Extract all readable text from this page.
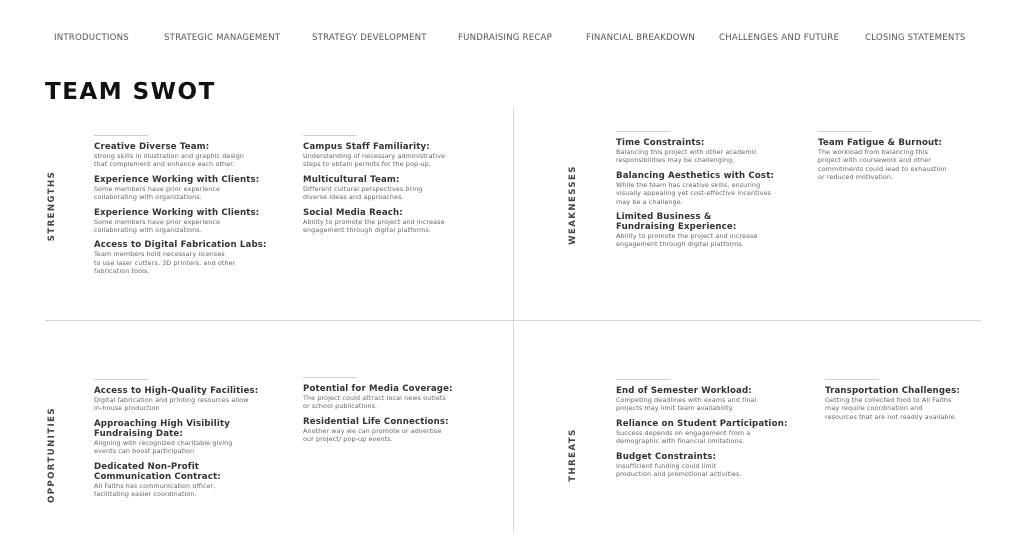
INTRODUCTIONS	STRATEGIC MANAGEMENT	STRATEGY DEVELOPMENT	FUNDRAISING RECAP	FINANCIAL BREAKDOWN	CHALLENGES AND FUTURE	CLOSING STATEMENTS
TEAM SWOT
STRENGTHS	WEAKNESSES
OPPORTUNITIES	THREATS
Creative Diverse Team:

strong skills in illustration and graphic design
that complement and enhance each other.

Experience Working with Clients:

Some members have prior experience
collaborating with organizations.

Experience Working with Clients:

Some members have prior experience
collaborating with organizations.

Access to Digital Fabrication Labs:

Team members hold necessary licenses
to use laser cutters, 3D printers, and other
fabrication tools.

Campus Staff Familiarity:

Understanding of necessary administrative
steps to obtain permits for the pop-up.

Multicultural Team:

Different cultural perspectives bring
diverse ideas and approaches.

Social Media Reach:

Ability to promote the project and increase
engagement through digital platforms.

Time Constraints:

Balancing this project with other academic
responsibilities may be challenging.

Balancing Aesthetics with Cost:

While the team has creative skills, ensuring
visually appealing yet cost-effective incentives
may be a challenge.

Limited Business &
Fundraising Experience:

Ability to promote the project and increase
engagement through digital platforms.

Team Fatigue & Burnout:

The workload from balancing this
project with coursework and other
commitments could lead to exhaustion
or reduced motivation.

Access to High-Quality Facilities:

Digital fabrication and printing resources allow
in-house production

Approaching High Visibility
Fundraising Date:

Aligning with recognized charitable giving
events can boost participation

Dedicated Non-Profit
Communication Contract:

All Faiths has communication officer,
facilitating easier coordination.

Potential for Media Coverage:

The project could attract local news outlets
or school publications.

Residential Life Connections:

Another way we can promote or advertise
our project/ pop-up events.

End of Semester Workload:

Competing deadlines with exams and final
projects may limit team availability.

Reliance on Student Participation:

Success depends on engagement from a
demographic with financial limitations.

Budget Constraints:

Insufficient funding could limit
production and promotional activities.

Transportation Challenges:

Getting the collected food to All Faiths
may require coordination and
resources that are not readily available.
